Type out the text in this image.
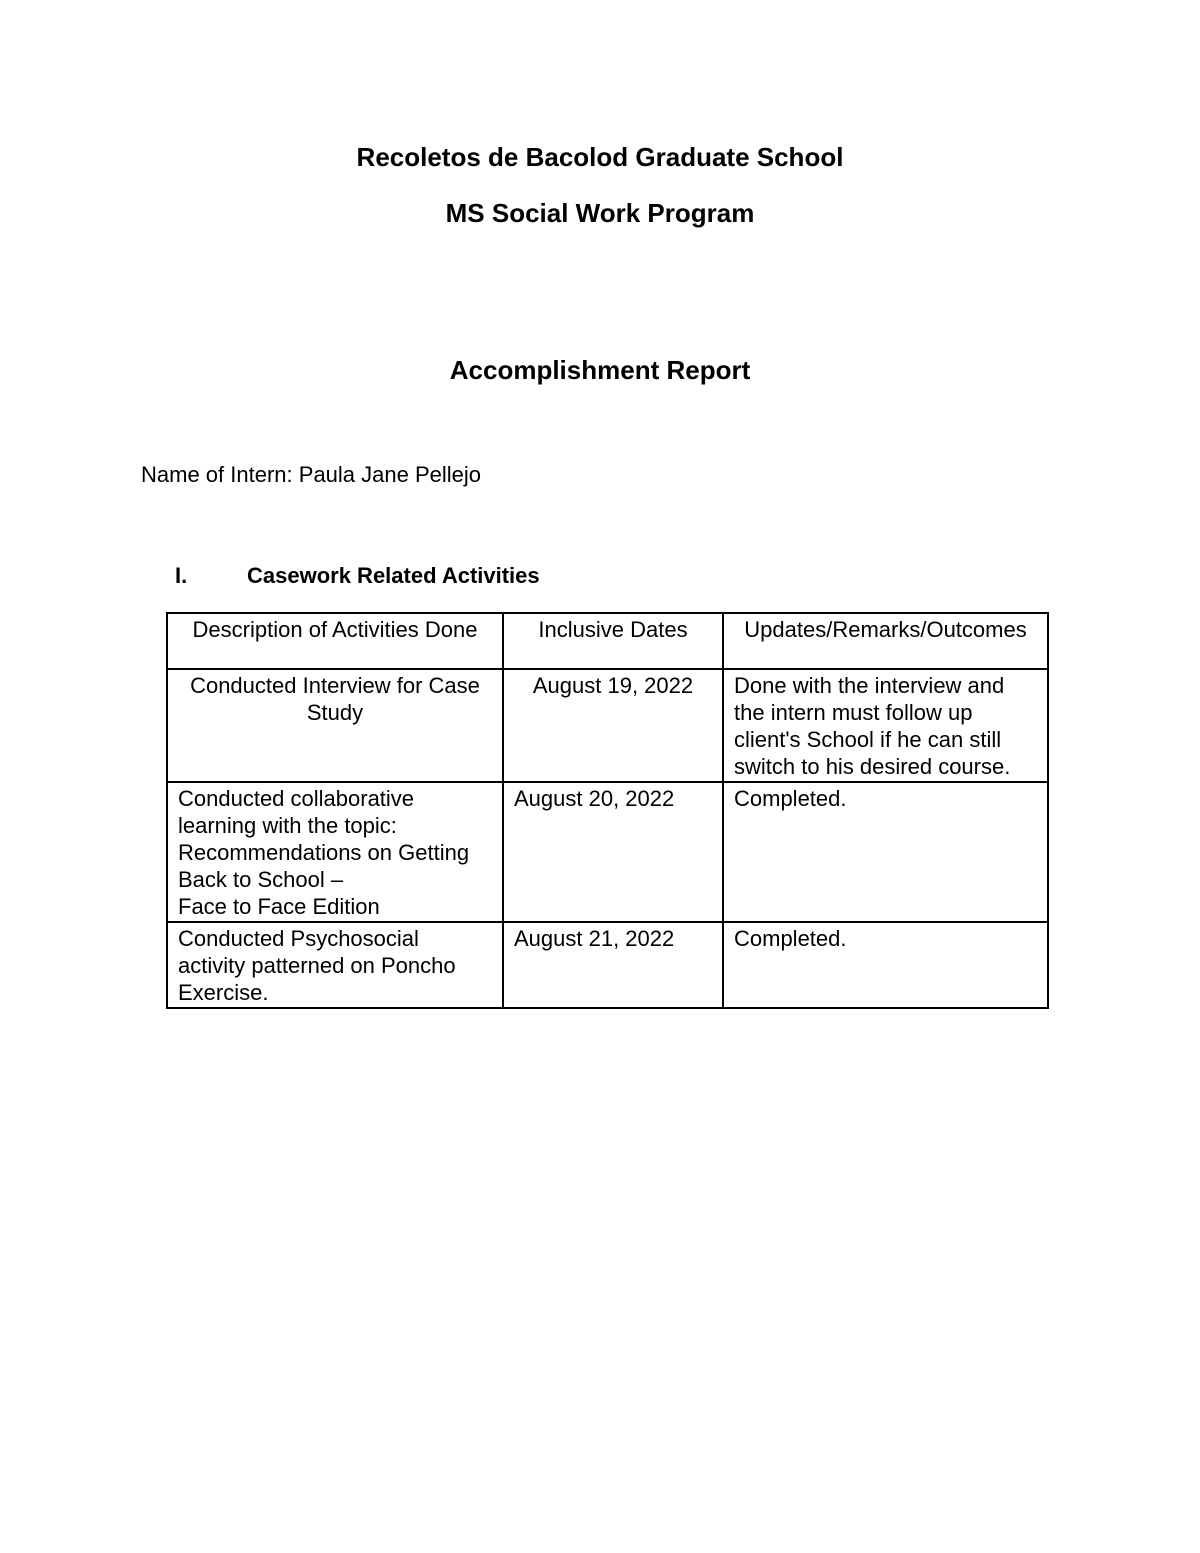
Recoletos de Bacolod Graduate School
MS Social Work Program
Accomplishment Report
Name of Intern: Paula Jane Pellejo
I.	Casework Related Activities
Description of Activities Done	Inclusive Dates	Updates/Remarks/Outcomes
Conducted Interview for Case Study	August 19, 2022	Done with the interview and the intern must follow up client's School if he can still switch to his desired course.

Conducted collaborative
learning with the topic:
Recommendations on Getting
Back to School –
Face to Face Edition	August 20, 2022	Completed.
Conducted Psychosocial activity patterned on Poncho Exercise.	August 21, 2022	Completed.
